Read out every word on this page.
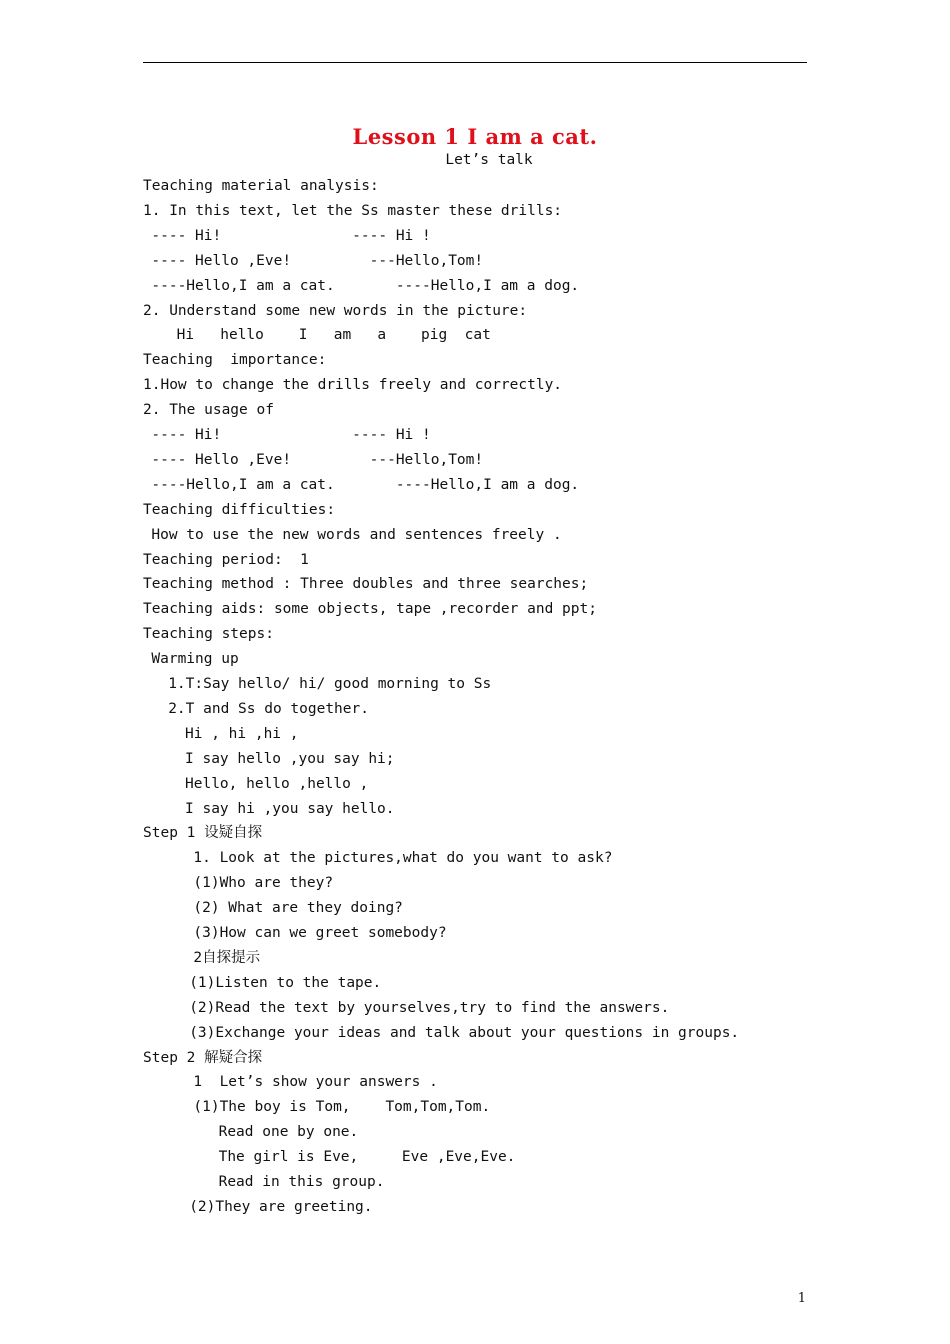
Lesson 1 I am a cat.
Let’s talk
Teaching material analysis:
1. In this text, let the Ss master these drills:
---- Hi!               ---- Hi !
---- Hello ,Eve!         ---Hello,Tom!
----Hello,I am a cat.       ----Hello,I am a dog.
2. Understand some new words in the picture:
Hi   hello    I   am   a    pig  cat
Teaching  importance:
1.How to change the drills freely and correctly.
2. The usage of
---- Hi!               ---- Hi !
---- Hello ,Eve!         ---Hello,Tom!
----Hello,I am a cat.       ----Hello,I am a dog.
Teaching difficulties:
How to use the new words and sentences freely .
Teaching period:  1
Teaching method : Three doubles and three searches;
Teaching aids: some objects, tape ,recorder and ppt;
Teaching steps:
Warming up
1.T:Say hello/ hi/ good morning to Ss
2.T and Ss do together.
Hi , hi ,hi ,
I say hello ,you say hi;
Hello, hello ,hello ,
I say hi ,you say hello.
Step 1 设疑自探
1. Look at the pictures,what do you want to ask?
(1)Who are they?
(2) What are they doing?
(3)How can we greet somebody?
2自探提示
(1)Listen to the tape.
(2)Read the text by yourselves,try to find the answers.
(3)Exchange your ideas and talk about your questions in groups.
Step 2 解疑合探
1  Let’s show your answers .
(1)The boy is Tom,    Tom,Tom,Tom.
Read one by one.
The girl is Eve,     Eve ,Eve,Eve.
Read in this group.
(2)They are greeting.
1
